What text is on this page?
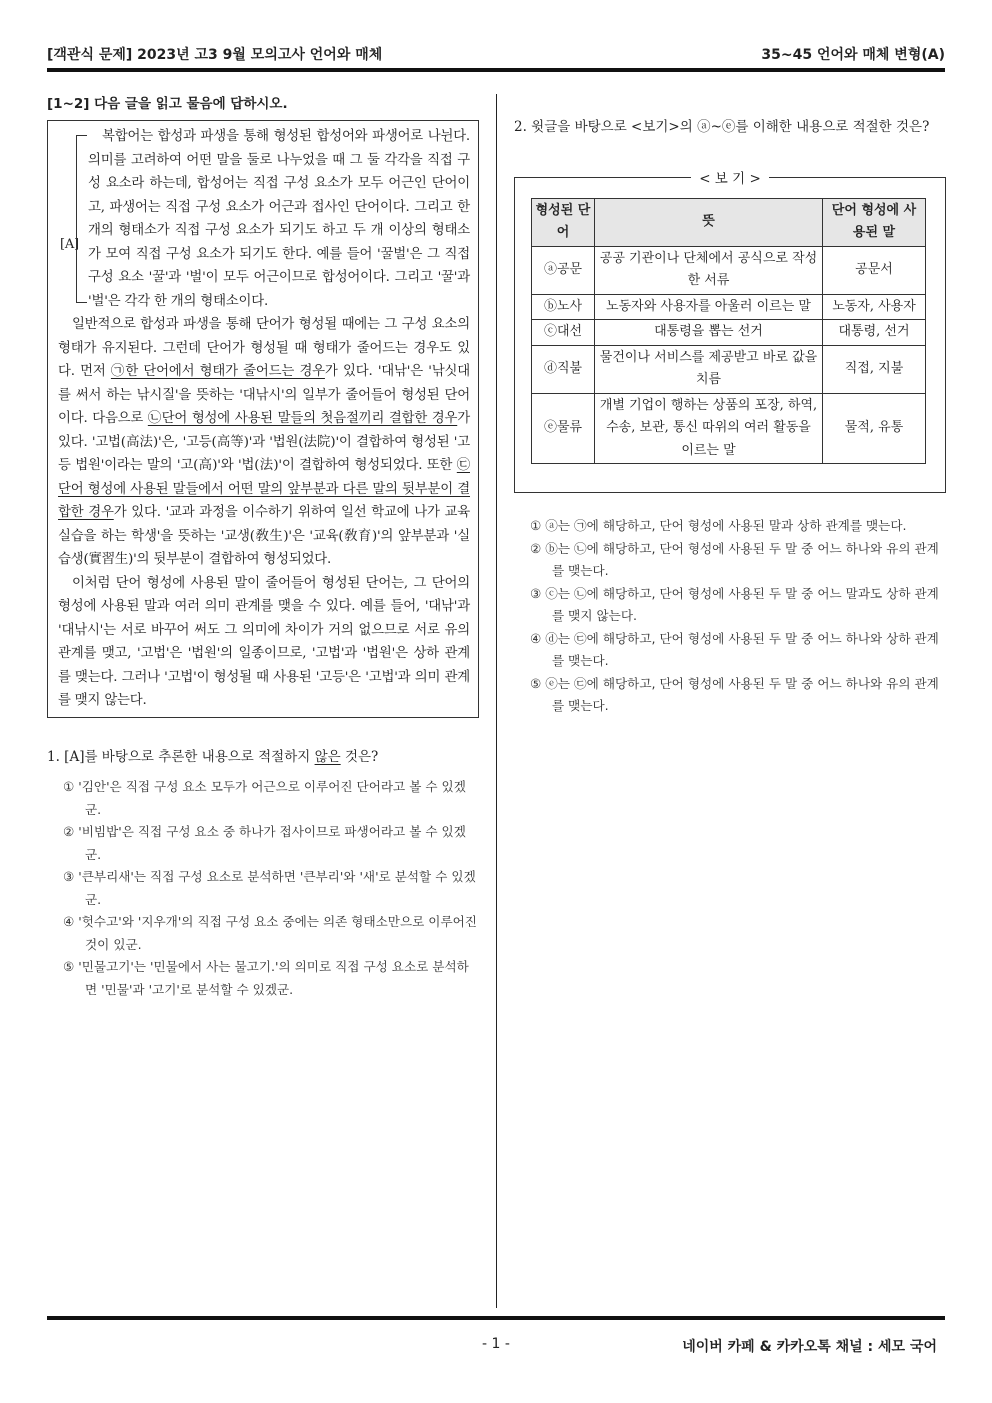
[객관식 문제] 2023년 고3 9월 모의고사 언어와 매체	35~45 언어와 매체 변형(A)

[1~2] 다음 글을 읽고 물음에 답하시오.

[A]

복합어는 합성과 파생을 통해 형성된 합성어와 파생어로 나뉜다. 의미를 고려하여 어떤 말을 둘로 나누었을 때 그 둘 각각을 직접 구성 요소라 하는데, 합성어는 직접 구성 요소가 모두 어근인 단어이고, 파생어는 직접 구성 요소가 어근과 접사인 단어이다. 그리고 한 개의 형태소가 직접 구성 요소가 되기도 하고 두 개 이상의 형태소가 모여 직접 구성 요소가 되기도 한다. 예를 들어 '꿀벌'은 그 직접 구성 요소 '꿀'과 '벌'이 모두 어근이므로 합성어이다. 그리고 '꿀'과 '벌'은 각각 한 개의 형태소이다.

일반적으로 합성과 파생을 통해 단어가 형성될 때에는 그 구성 요소의 형태가 유지된다. 그런데 단어가 형성될 때 형태가 줄어드는 경우도 있다. 먼저 ㉠한 단어에서 형태가 줄어드는 경우가 있다. '대낚'은 '낚싯대를 써서 하는 낚시질'을 뜻하는 '대낚시'의 일부가 줄어들어 형성된 단어이다. 다음으로 ㉡단어 형성에 사용된 말들의 첫음절끼리 결합한 경우가 있다. '고법(高法)'은, '고등(高等)'과 '법원(法院)'이 결합하여 형성된 '고등 법원'이라는 말의 '고(高)'와 '법(法)'이 결합하여 형성되었다. 또한 ㉢단어 형성에 사용된 말들에서 어떤 말의 앞부분과 다른 말의 뒷부분이 결합한 경우가 있다. '교과 과정을 이수하기 위하여 일선 학교에 나가 교육 실습을 하는 학생'을 뜻하는 '교생(敎生)'은 '교육(敎育)'의 앞부분과 '실습생(實習生)'의 뒷부분이 결합하여 형성되었다.

이처럼 단어 형성에 사용된 말이 줄어들어 형성된 단어는, 그 단어의 형성에 사용된 말과 여러 의미 관계를 맺을 수 있다. 예를 들어, '대낚'과 '대낚시'는 서로 바꾸어 써도 그 의미에 차이가 거의 없으므로 서로 유의 관계를 맺고, '고법'은 '법원'의 일종이므로, '고법'과 '법원'은 상하 관계를 맺는다. 그러나 '고법'이 형성될 때 사용된 '고등'은 '고법'과 의미 관계를 맺지 않는다.

1. [A]를 바탕으로 추론한 내용으로 적절하지 않은 것은?

① '김안'은 직접 구성 요소 모두가 어근으로 이루어진 단어라고 볼 수 있겠군.
② '비빔밥'은 직접 구성 요소 중 하나가 접사이므로 파생어라고 볼 수 있겠군.
③ '큰부리새'는 직접 구성 요소로 분석하면 '큰부리'와 '새'로 분석할 수 있겠군.
④ '헛수고'와 '지우개'의 직접 구성 요소 중에는 의존 형태소만으로 이루어진 것이 있군.
⑤ '민물고기'는 '민물에서 사는 물고기.'의 의미로 직접 구성 요소로 분석하면 '민물'과 '고기'로 분석할 수 있겠군.

2. 윗글을 바탕으로 <보기>의 ⓐ~ⓔ를 이해한 내용으로 적절한 것은?

< 보 기 >
형성된 단어	뜻	단어 형성에 사용된 말
ⓐ공문	공공 기관이나 단체에서 공식으로 작성한 서류	공문서
ⓑ노사	노동자와 사용자를 아울러 이르는 말	노동자, 사용자
ⓒ대선	대통령을 뽑는 선거	대통령, 선거
ⓓ직불	물건이나 서비스를 제공받고 바로 값을 치름	직접, 지불
ⓔ물류	개별 기업이 행하는 상품의 포장, 하역, 수송, 보관, 통신 따위의 여러 활동을 이르는 말	물적, 유통
① ⓐ는 ㉠에 해당하고, 단어 형성에 사용된 말과 상하 관계를 맺는다.
② ⓑ는 ㉡에 해당하고, 단어 형성에 사용된 두 말 중 어느 하나와 유의 관계를 맺는다.
③ ⓒ는 ㉡에 해당하고, 단어 형성에 사용된 두 말 중 어느 말과도 상하 관계를 맺지 않는다.
④ ⓓ는 ㉢에 해당하고, 단어 형성에 사용된 두 말 중 어느 하나와 상하 관계를 맺는다.
⑤ ⓔ는 ㉢에 해당하고, 단어 형성에 사용된 두 말 중 어느 하나와 유의 관계를 맺는다.
- 1 -	네이버 카페 & 카카오톡 채널 : 세모 국어
